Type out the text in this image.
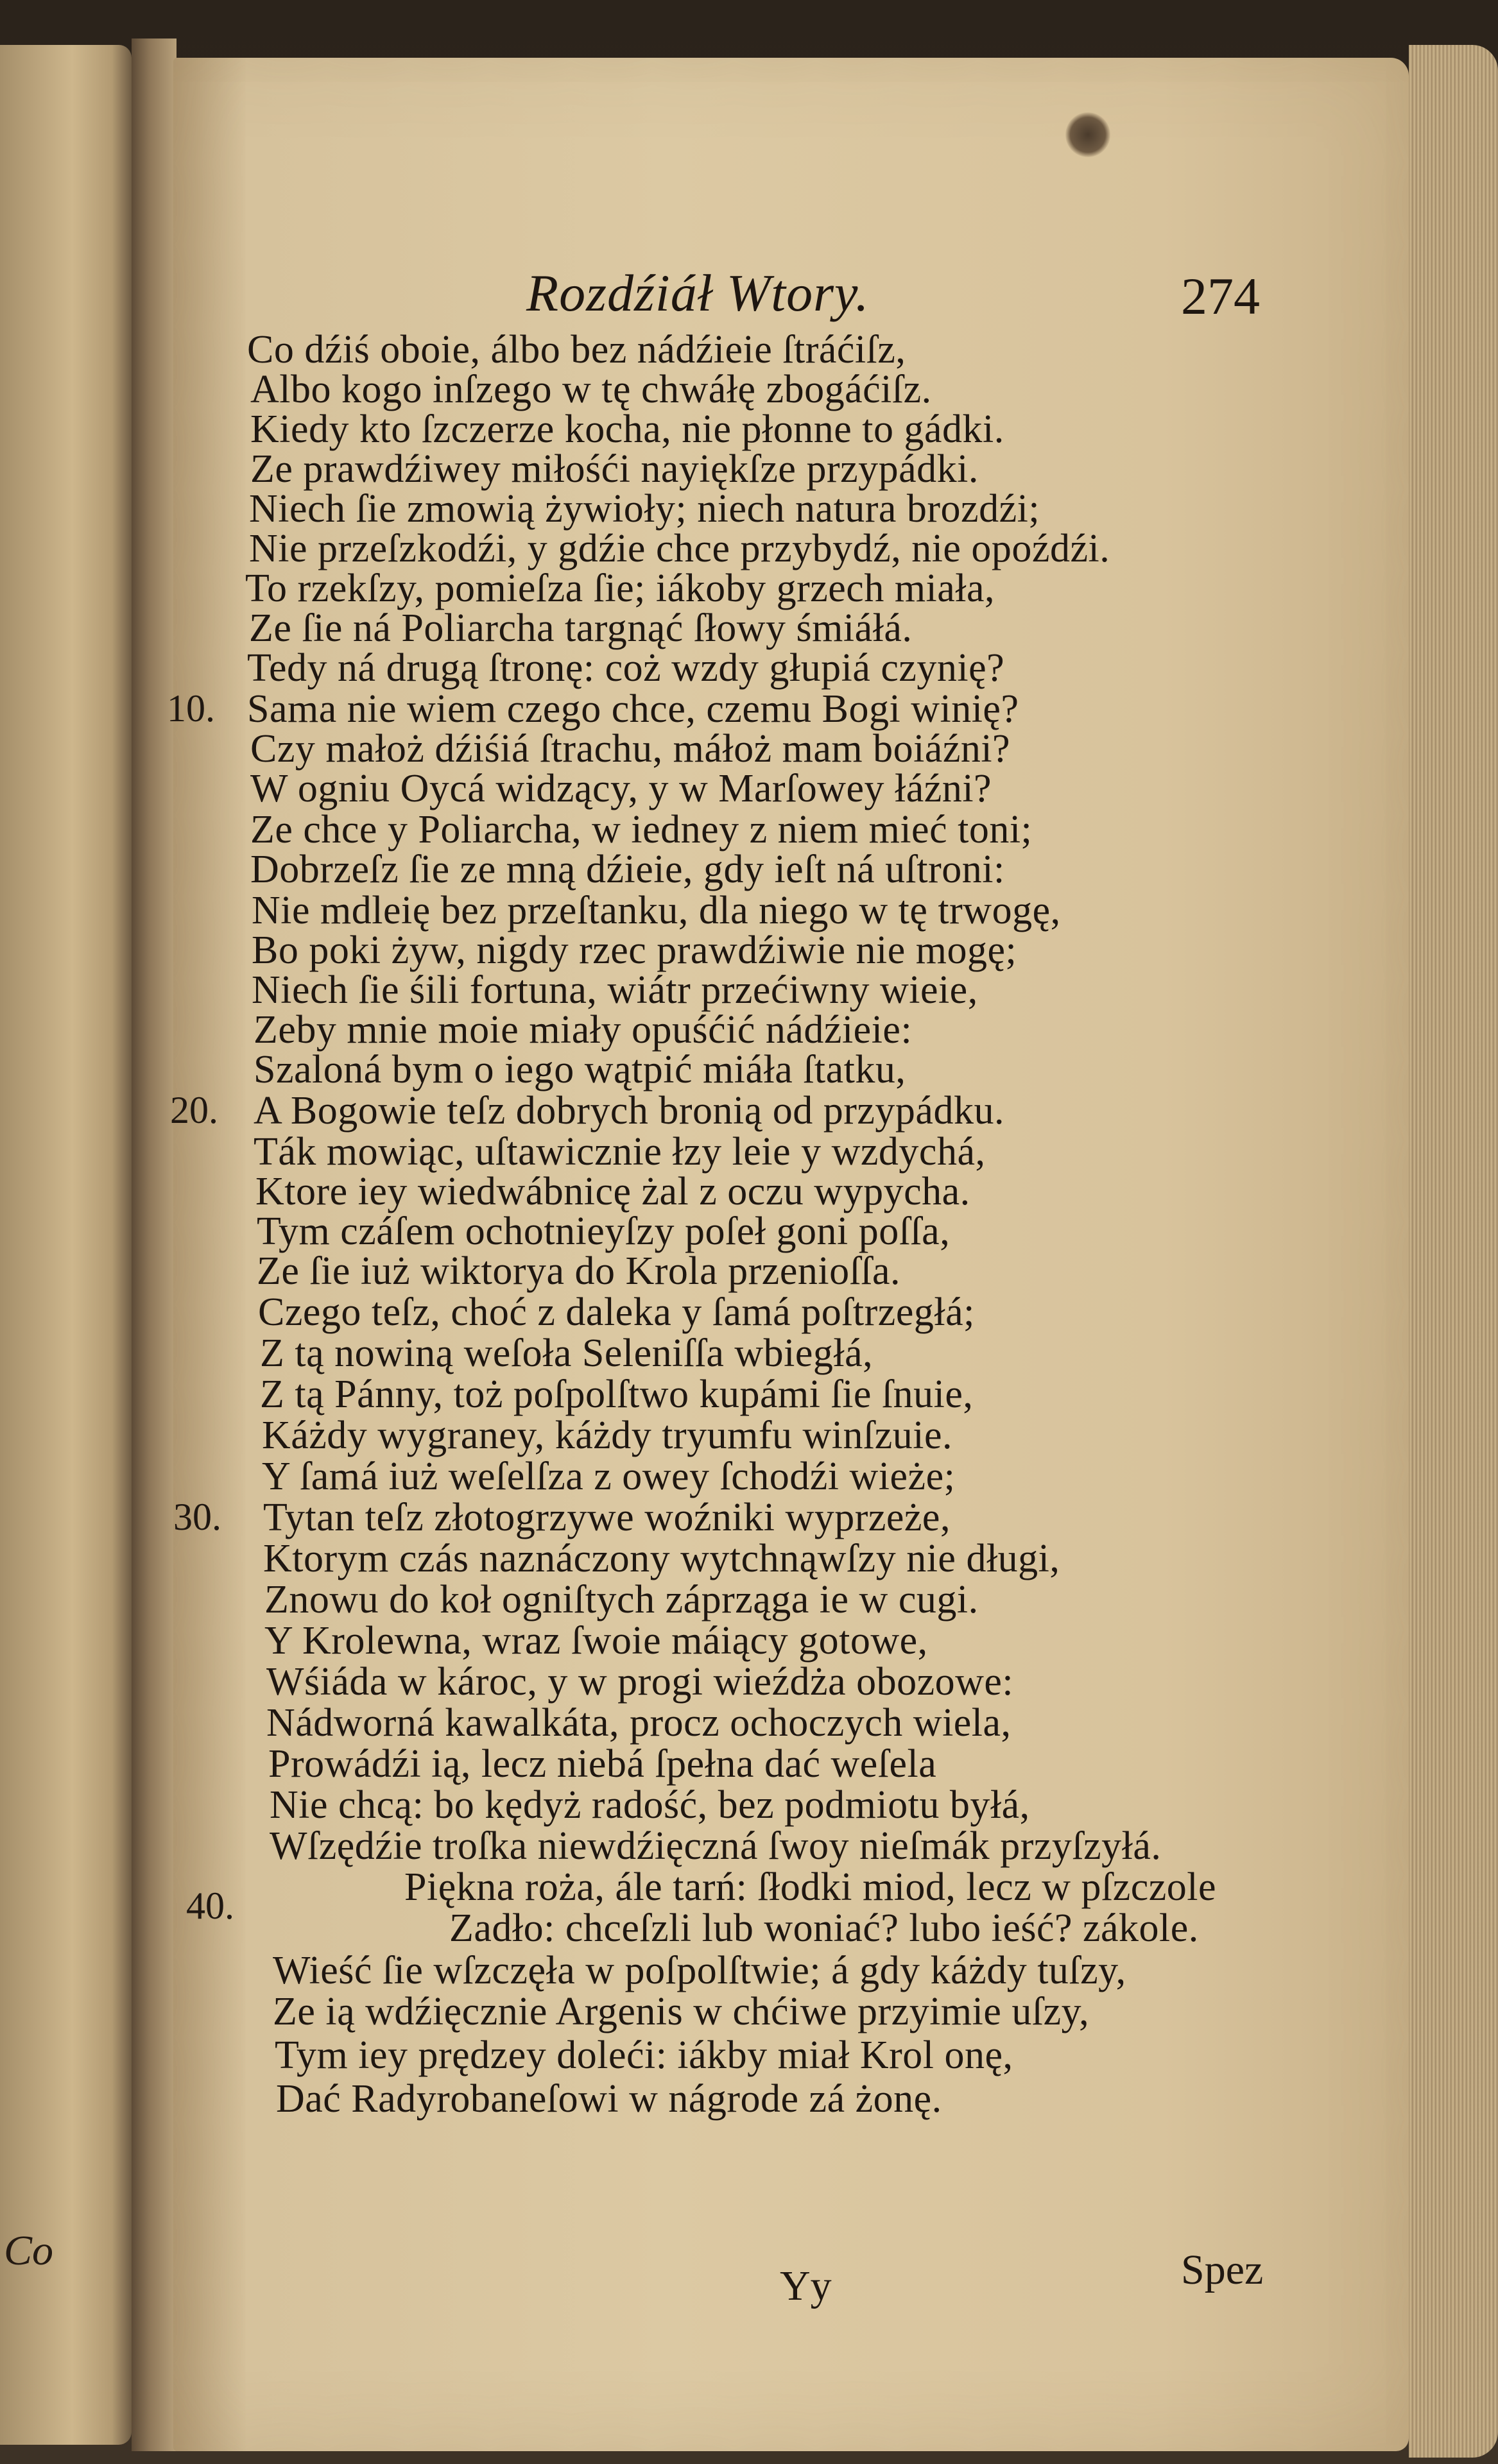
Co
Rozdźiáł Wtory.	274
Co dźiś oboie, álbo bez nádźieie ſtráćiſz,
Albo kogo inſzego w tę chwáłę zbogáćiſz.
Kiedy kto ſzczerze kocha, nie płonne to gádki.
Ze prawdźiwey miłośći nayiękſze przypádki.
Niech ſie zmowią żywioły; niech natura brozdźi;
Nie przeſzkodźi, y gdźie chce przybydź, nie opoźdźi.
To rzekſzy, pomieſza ſie; iákoby grzech miała,
Ze ſie ná Poliarcha targnąć ſłowy śmiáłá.
Tedy ná drugą ſtronę: coż wzdy głupiá czynię?
Sama nie wiem czego chce, czemu Bogi winię?
Czy małoż dźiśiá ſtrachu, máłoż mam boiáźni?
W ogniu Oycá widzący, y w Marſowey łáźni?
Ze chce y Poliarcha, w iedney z niem mieć toni;
Dobrzeſz ſie ze mną dźieie, gdy ieſt ná uſtroni:
Nie mdleię bez przeſtanku, dla niego w tę trwogę,
Bo poki żyw, nigdy rzec prawdźiwie nie mogę;
Niech ſie śili fortuna, wiátr przećiwny wieie,
Zeby mnie moie miały opuśćić nádźieie:
Szaloná bym o iego wątpić miáła ſtatku,
A Bogowie teſz dobrych bronią od przypádku.
Ták mowiąc, uſtawicznie łzy leie y wzdychá,
Ktore iey wiedwábnicę żal z oczu wypycha.
Tym czáſem ochotnieyſzy poſeł goni poſſa,
Ze ſie iuż wiktorya do Krola przenioſſa.
Czego teſz, choć z daleka y ſamá poſtrzegłá;
Z tą nowiną weſoła Seleniſſa wbiegłá,
Z tą Pánny, toż poſpolſtwo kupámi ſie ſnuie,
Káżdy wygraney, káżdy tryumfu winſzuie.
Y ſamá iuż weſelſza z owey ſchodźi wieże;
Tytan teſz złotogrzywe woźniki wyprzeże,
Ktorym czás naznáczony wytchnąwſzy nie długi,
Znowu do koł ogniſtych záprząga ie w cugi.
Y Krolewna, wraz ſwoie máiący gotowe,
Wśiáda w károc, y w progi wieźdża obozowe:
Nádworná kawalkáta, procz ochoczych wiela,
Prowádźi ią, lecz niebá ſpełna dać weſela
Nie chcą: bo kędyż radość, bez podmiotu byłá,
Wſzędźie troſka niewdźięczná ſwoy nieſmák przyſzyłá.
Piękna roża, ále tarń: ſłodki miod, lecz w pſzczole
Zadło: chceſzli lub woniać? lubo ieść? zákole.
Wieść ſie wſzczęła w poſpolſtwie; á gdy káżdy tuſzy,
Ze ią wdźięcznie Argenis w chćiwe przyimie uſzy,
Tym iey prędzey doleći: iákby miał Krol onę,
Dać Radyrobaneſowi w nágrode zá żonę.
10.
20.
30.
40.
Yy	Spez
